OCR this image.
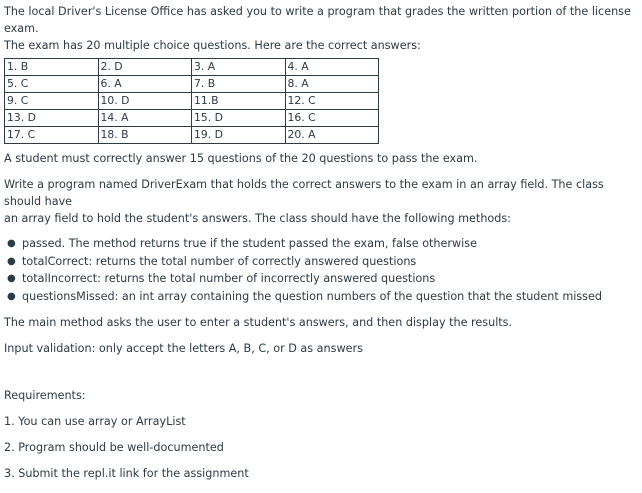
The local Driver's License Office has asked you to write a program that grades the written portion of the license exam.

The exam has 20 multiple choice questions. Here are the correct answers:

1. B	2. D	3. A	4. A
5. C	6. A	7. B	8. A
9. C	10. D	11.B	12. C
13. D	14. A	15. D	16. C
17. C	18. B	19. D	20. A

A student must correctly answer 15 questions of the 20 questions to pass the exam.

Write a program named DriverExam that holds the correct answers to the exam in an array field. The class should have

an array field to hold the student's answers. The class should have the following methods:

● passed. The method returns true if the student passed the exam, false otherwise
● totalCorrect: returns the total number of correctly answered questions
● totalIncorrect: returns the total number of incorrectly answered questions
● questionsMissed: an int array containing the question numbers of the question that the student missed

The main method asks the user to enter a student's answers, and then display the results.

Input validation: only accept the letters A, B, C, or D as answers

Requirements:

1. You can use array or ArrayList

2. Program should be well-documented

3. Submit the repl.it link for the assignment
